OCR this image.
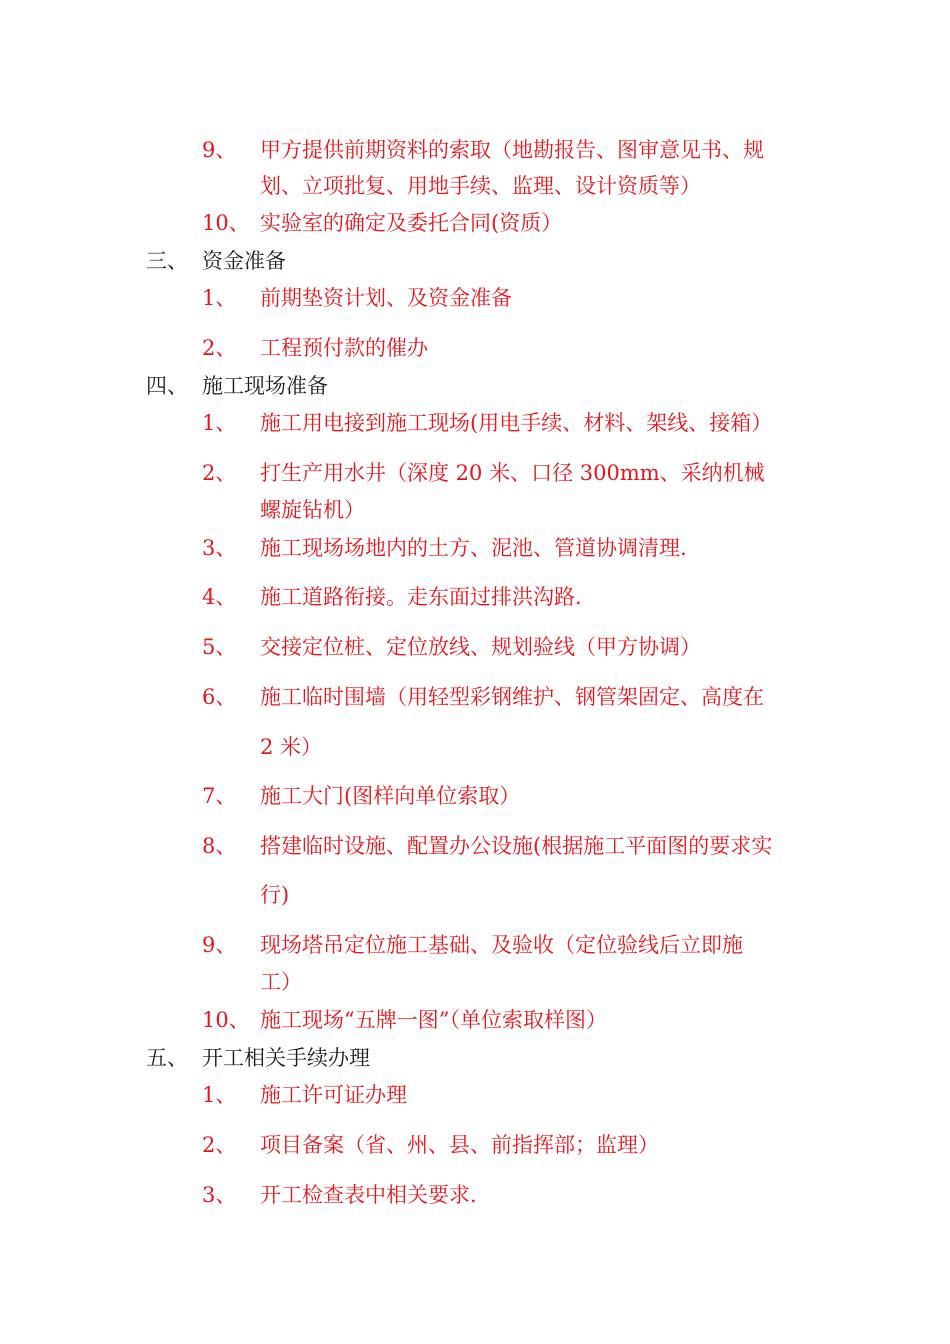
9、 甲方提供前期资料的索取（地勘报告、图审意见书、规
划、立项批复、用地手续、监理、设计资质等）
10、 实验室的确定及委托合同(资质）
三、 资金准备
1、 前期垫资计划、及资金准备
2、 工程预付款的催办
四、 施工现场准备
1、 施工用电接到施工现场(用电手续、材料、架线、接箱）
2、 打生产用水井（深度 20 米、口径 300mm、采纳机械
螺旋钻机）
3、 施工现场场地内的土方、泥池、管道协调清理.
4、 施工道路衔接。走东面过排洪沟路.
5、 交接定位桩、定位放线、规划验线（甲方协调）
6、 施工临时围墙（用轻型彩钢维护、钢管架固定、高度在
2 米）
7、 施工大门(图样向单位索取）
8、 搭建临时设施、配置办公设施(根据施工平面图的要求实
行)
9、 现场塔吊定位施工基础、及验收（定位验线后立即施
工）
10、 施工现场“五牌一图”（单位索取样图）
五、 开工相关手续办理
1、 施工许可证办理
2、 项目备案（省、州、县、前指挥部；监理）
3、 开工检查表中相关要求.
